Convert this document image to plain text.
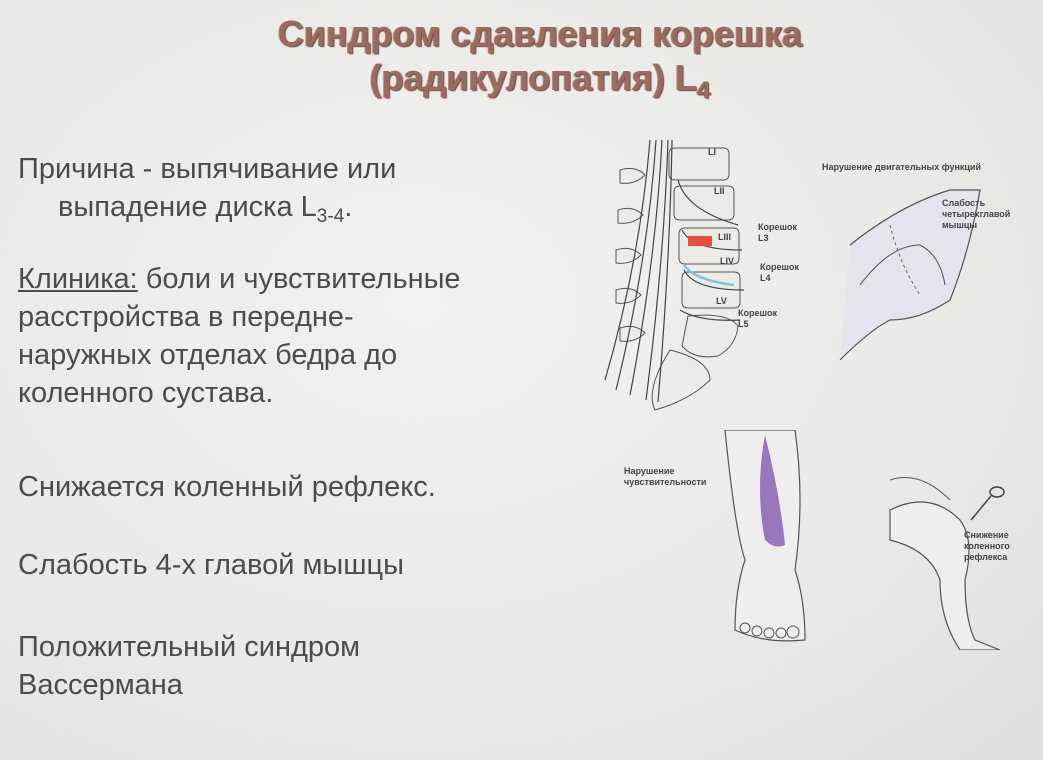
Синдром сдавления корешка
(радикулопатия) $L_4$
Причина - выпячивание или

выпадение диска $L_{3-4}$.
Клиника: боли и чувствительные
расстройства в передне-
наружных отделах бедра до
коленного сустава.
Снижается коленный рефлекс.
Слабость 4-х главой мышцы
Положительный синдром
Вассермана
LI
LII
LIII
LIV
LV
Корешок
L3
Корешок
L4
Корешок
L5
Нарушение двигательных функций
Слабость
четырехглавой
мышцы
Нарушение
чувствительности
Снижение
коленного
рефлекса
